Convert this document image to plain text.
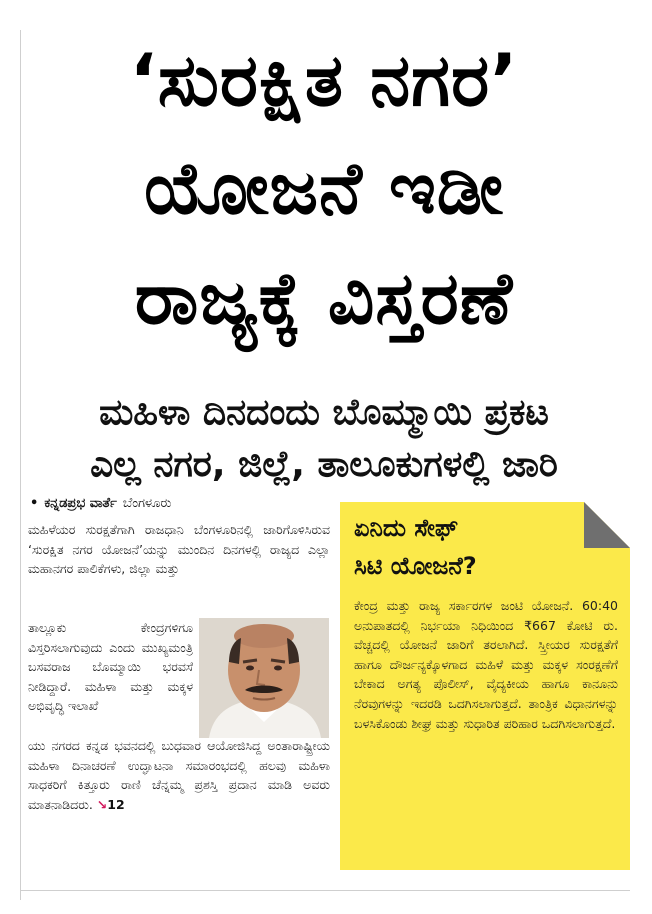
‘ಸುರಕ್ಷಿತ ನಗರ’
ಯೋಜನೆ ಇಡೀ
ರಾಜ್ಯಕ್ಕೆ ವಿಸ್ತರಣೆ
ಮಹಿಳಾ ದಿನದಂದು ಬೊಮ್ಮಾಯಿ ಪ್ರಕಟ
ಎಲ್ಲ ನಗರ, ಜಿಲ್ಲೆ, ತಾಲೂಕುಗಳಲ್ಲಿ ಜಾರಿ
• ಕನ್ನಡಪ್ರಭ ವಾರ್ತೆ ಬೆಂಗಳೂರು

ಮಹಿಳೆಯರ ಸುರಕ್ಷತೆಗಾಗಿ ರಾಜಧಾನಿ ಬೆಂಗಳೂರಿನಲ್ಲಿ ಜಾರಿಗೊಳಿಸಿರುವ ‘ಸುರಕ್ಷಿತ ನಗರ ಯೋಜನೆ’ಯನ್ನು ಮುಂದಿನ ದಿನಗಳಲ್ಲಿ ರಾಜ್ಯದ ಎಲ್ಲಾ ಮಹಾನಗರ ಪಾಲಿಕೆಗಳು, ಜಿಲ್ಲಾ ಮತ್ತು

ತಾಲ್ಲೂಕು ಕೇಂದ್ರಗಳಿಗೂ ವಿಸ್ತರಿಸಲಾಗುವುದು ಎಂದು ಮುಖ್ಯಮಂತ್ರಿ ಬಸವರಾಜ ಬೊಮ್ಮಾಯಿ ಭರವಸೆ ನೀಡಿದ್ದಾರೆ. ಮಹಿಳಾ ಮತ್ತು ಮಕ್ಕಳ ಅಭಿವೃದ್ಧಿ ಇಲಾಖೆ

ಯು ನಗರದ ಕನ್ನಡ ಭವನದಲ್ಲಿ ಬುಧವಾರ ಆಯೋಜಿಸಿದ್ದ ಅಂತಾರಾಷ್ಟ್ರೀಯ ಮಹಿಳಾ ದಿನಾಚರಣೆ ಉದ್ಘಾಟನಾ ಸಮಾರಂಭದಲ್ಲಿ ಹಲವು ಮಹಿಳಾ ಸಾಧಕರಿಗೆ ಕಿತ್ತೂರು ರಾಣಿ ಚೆನ್ನಮ್ಮ ಪ್ರಶಸ್ತಿ ಪ್ರದಾನ ಮಾಡಿ ಅವರು ಮಾತನಾಡಿದರು. ↘12

ಏನಿದು ಸೇಫ್
ಸಿಟಿ ಯೋಜನೆ?
ಕೇಂದ್ರ ಮತ್ತು ರಾಜ್ಯ ಸರ್ಕಾರಗಳ ಜಂಟಿ ಯೋಜನೆ. 60:40 ಅನುಪಾತದಲ್ಲಿ ನಿರ್ಭಯಾ ನಿಧಿಯಿಂದ ₹667 ಕೋಟಿ ರು. ವೆಚ್ಚದಲ್ಲಿ ಯೋಜನೆ ಜಾರಿಗೆ ತರಲಾಗಿದೆ. ಸ್ತ್ರೀಯರ ಸುರಕ್ಷತೆಗೆ ಹಾಗೂ ದೌರ್ಜನ್ಯಕ್ಕೊಳಗಾದ ಮಹಿಳೆ ಮತ್ತು ಮಕ್ಕಳ ಸಂರಕ್ಷಣೆಗೆ ಬೇಕಾದ ಅಗತ್ಯ ಪೊಲೀಸ್, ವೈದ್ಯಕೀಯ ಹಾಗೂ ಕಾನೂನು ನೆರವುಗಳನ್ನು ಇದರಡಿ ಒದಗಿಸಲಾಗುತ್ತದೆ. ತಾಂತ್ರಿಕ ವಿಧಾನಗಳನ್ನು ಬಳಸಿಕೊಂಡು ಶೀಘ್ರ ಮತ್ತು ಸುಧಾರಿತ ಪರಿಹಾರ ಒದಗಿಸಲಾಗುತ್ತದೆ.
